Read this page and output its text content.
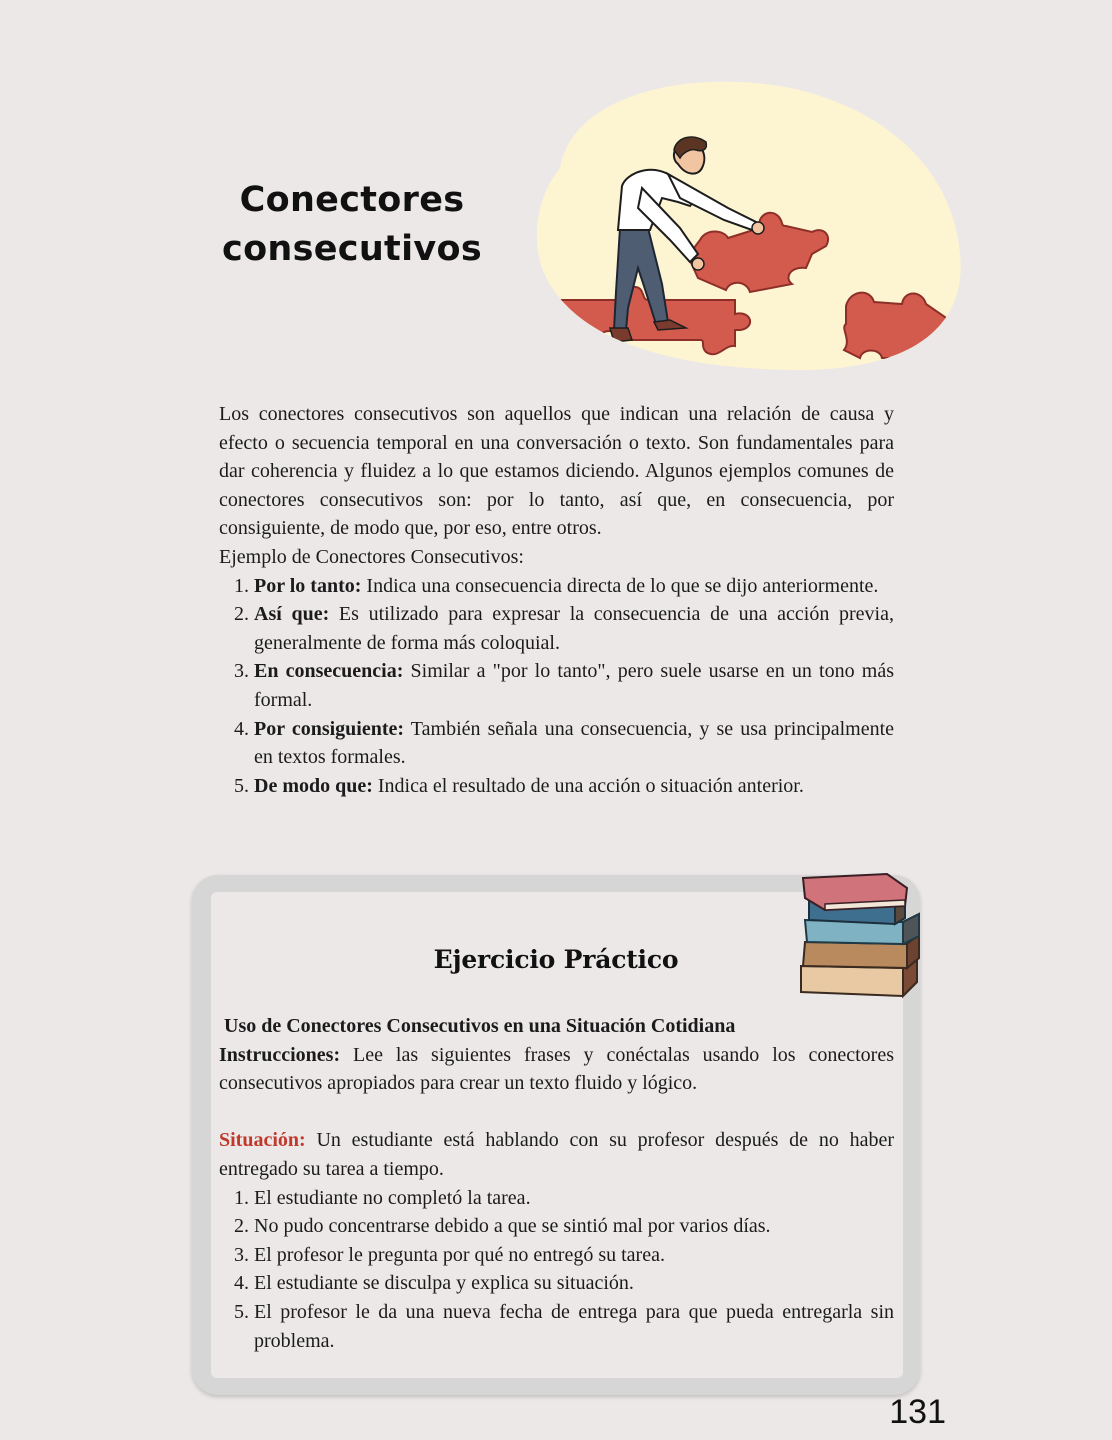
Conectores
consecutivos

Los conectores consecutivos son aquellos que indican una relación de causa y efecto o secuencia temporal en una conversación o texto. Son fundamentales para dar coherencia y fluidez a lo que estamos diciendo. Algunos ejemplos comunes de conectores consecutivos son: por lo tanto, así que, en consecuencia, por consiguiente, de modo que, por eso, entre otros.

Ejemplo de Conectores Consecutivos:

1. Por lo tanto: Indica una consecuencia directa de lo que se dijo anteriormente.
2. Así que: Es utilizado para expresar la consecuencia de una acción previa, generalmente de forma más coloquial.
3. En consecuencia: Similar a "por lo tanto", pero suele usarse en un tono más formal.
4. Por consiguiente: También señala una consecuencia, y se usa principalmente en textos formales.
5. De modo que: Indica el resultado de una acción o situación anterior.
Ejercicio Práctico

Uso de Conectores Consecutivos en una Situación Cotidiana

Instrucciones: Lee las siguientes frases y conéctalas usando los conectores consecutivos apropiados para crear un texto fluido y lógico.

Situación: Un estudiante está hablando con su profesor después de no haber entregado su tarea a tiempo.

1. El estudiante no completó la tarea.
2. No pudo concentrarse debido a que se sintió mal por varios días.
3. El profesor le pregunta por qué no entregó su tarea.
4. El estudiante se disculpa y explica su situación.
5. El profesor le da una nueva fecha de entrega para que pueda entregarla sin problema.
131
